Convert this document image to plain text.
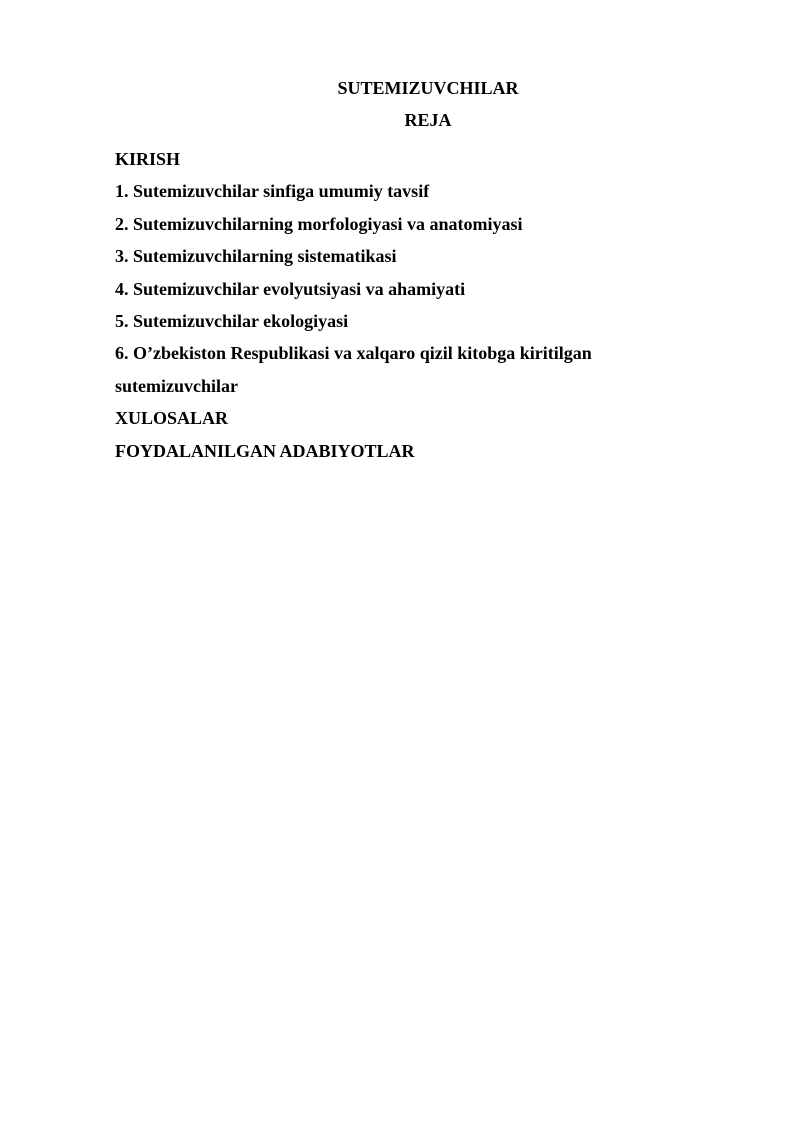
SUTEMIZUVCHILAR
REJA
KIRISH
1. Sutemizuvchilar sinfiga umumiy tavsif
2. Sutemizuvchilarning morfologiyasi va anatomiyasi
3. Sutemizuvchilarning sistematikasi
4. Sutemizuvchilar evolyutsiyasi va ahamiyati
5. Sutemizuvchilar ekologiyasi
6. O’zbekiston Respublikasi va xalqaro qizil kitobga kiritilgan
sutemizuvchilar
XULOSALAR
FOYDALANILGAN ADABIYOTLAR
